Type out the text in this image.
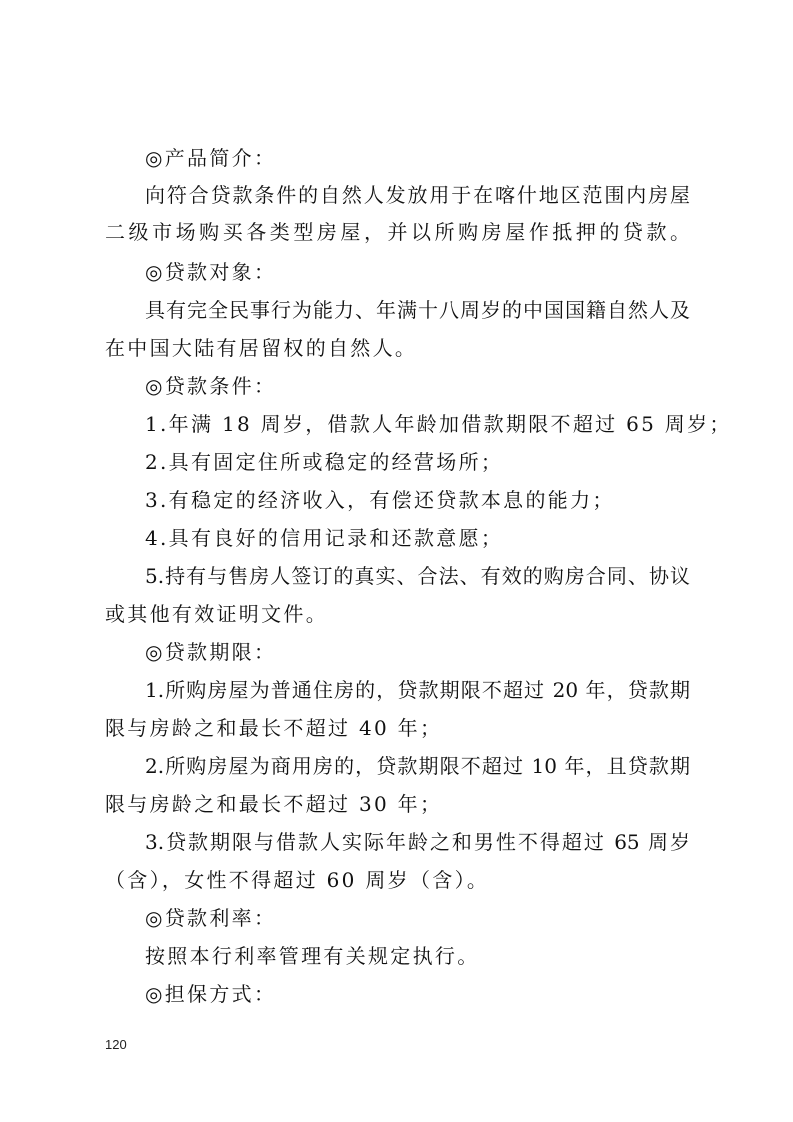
◎产品简介：
向符合贷款条件的自然人发放用于在喀什地区范围内房屋
二级市场购买各类型房屋，并以所购房屋作抵押的贷款。
◎贷款对象：
具有完全民事行为能力、年满十八周岁的中国国籍自然人及
在中国大陆有居留权的自然人。
◎贷款条件：
1.年满 18 周岁，借款人年龄加借款期限不超过 65 周岁；
2.具有固定住所或稳定的经营场所；
3.有稳定的经济收入，有偿还贷款本息的能力；
4.具有良好的信用记录和还款意愿；
5.持有与售房人签订的真实、合法、有效的购房合同、协议
或其他有效证明文件。
◎贷款期限：
1.所购房屋为普通住房的，贷款期限不超过 20 年，贷款期
限与房龄之和最长不超过 40 年；
2.所购房屋为商用房的，贷款期限不超过 10 年，且贷款期
限与房龄之和最长不超过 30 年；
3.贷款期限与借款人实际年龄之和男性不得超过 65 周岁
（含），女性不得超过 60 周岁（含）。
◎贷款利率：
按照本行利率管理有关规定执行。
◎担保方式：
120
